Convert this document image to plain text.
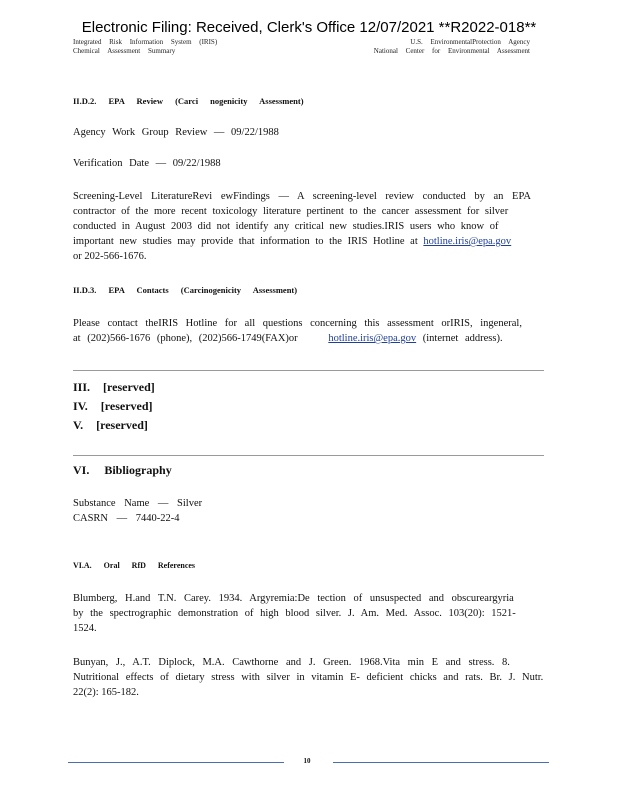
Electronic Filing: Received, Clerk's Office 12/07/2021 **R2022-018**
Integrated Risk Information System (IRIS)
Chemical Assessment Summary
U.S. EnvironmentalProtection Agency
National Center for Environmental Assessment
II.D.2. EPA Review (Carci nogenicity Assessment)
Agency Work Group Review — 09/22/1988
Verification Date — 09/22/1988
Screening-Level LiteratureRevi ewFindings — A screening-level review conducted by an EPA
contractor of the more recent toxicology literature pertinent to the cancer assessment for silver
conducted in August 2003 did not identify any critical new studies.IRIS users who know of
important new studies may provide that information to the IRIS Hotline at hotline.iris@epa.gov
or 202-566-1676.
II.D.3. EPA Contacts (Carcinogenicity Assessment)
Please contact theIRIS Hotline for all questions concerning this assessment orIRIS, ingeneral,
at (202)566-1676 (phone), (202)566-1749(FAX)or	hotline.iris@epa.gov (internet address).
III. [reserved]
IV. [reserved]
V. [reserved]
VI. Bibliography
Substance Name — Silver
CASRN — 7440-22-4
VI.A. Oral RfD References
Blumberg, H.and T.N. Carey. 1934. Argyremia:De tection of unsuspected and obscureargyria
by the spectrographic demonstration of high blood silver. J. Am. Med. Assoc. 103(20): 1521-
1524.
Bunyan, J., A.T. Diplock, M.A. Cawthorne and J. Green. 1968.Vita min E and stress. 8.
Nutritional effects of dietary stress with silver in vitamin E- deficient chicks and rats. Br. J. Nutr.
22(2): 165-182.
10
